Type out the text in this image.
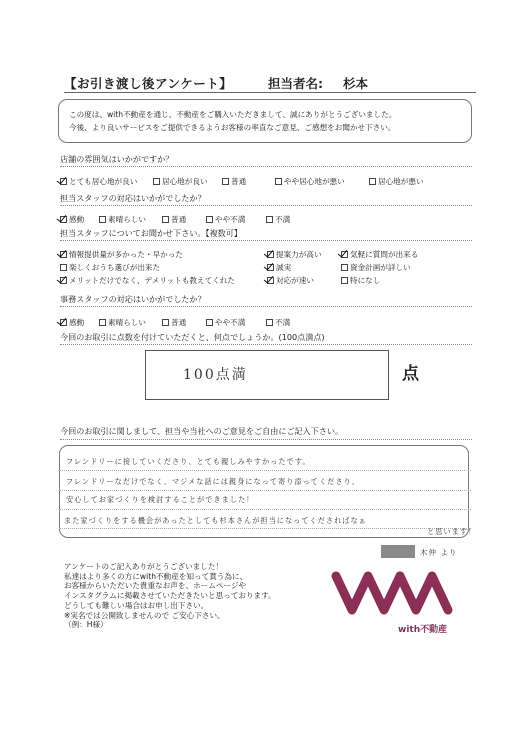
【お引き渡し後アンケート】	担当者名: 杉本
この度は、with不動産を通じ、不動産をご購入いただきまして、誠にありがとうございました。
今後、より良いサービスをご提供できるようお客様の率直なご意見、ご感想をお聞かせ下さい。
店舗の雰囲気はいかがですか？
とても居心地が良い	居心地が良い	普通	やや居心地が悪い	居心地が悪い
担当スタッフの対応はいかがでしたか？
感動	素晴らしい	普通	やや不満	不満
担当スタッフについてお聞かせ下さい。【複数可】
情報提供量が多かった・早かった	提案力が高い	気軽に質問が出来る
楽しくおうち選びが出来た	誠実	資金計画が詳しい
メリットだけでなく、デメリットも教えてくれた	対応が速い	特になし
事務スタッフの対応はいかがでしたか？
感動	素晴らしい	普通	やや不満	不満
今回のお取引に点数を付けていただくと、何点でしょうか。(100点満点)
100点満	点
今回のお取引に関しまして、担当や当社へのご意見をご自由にご記入下さい。
フレンドリーに接していくださり、とても親しみやすかったです。
フレンドリーなだけでなく、マジメな話には親身になって寄り添ってくださり、
安心してお家づくりを検討することができました！
また家づくりをする機会があったとしても杉本さんが担当になってくださればなぁ
と思います！
木仲 より
アンケートのご記入ありがとうございました！
私達はより多くの方にwith不動産を知って貰う為に、
お客様からいただいた貴重なお声を、ホームページや
インスタグラムに掲載させていただきたいと思っております。
どうしても難しい場合はお申し出下さい。
※実名では公開致しませんので ご安心下さい。
（例：H様）
with不動産
